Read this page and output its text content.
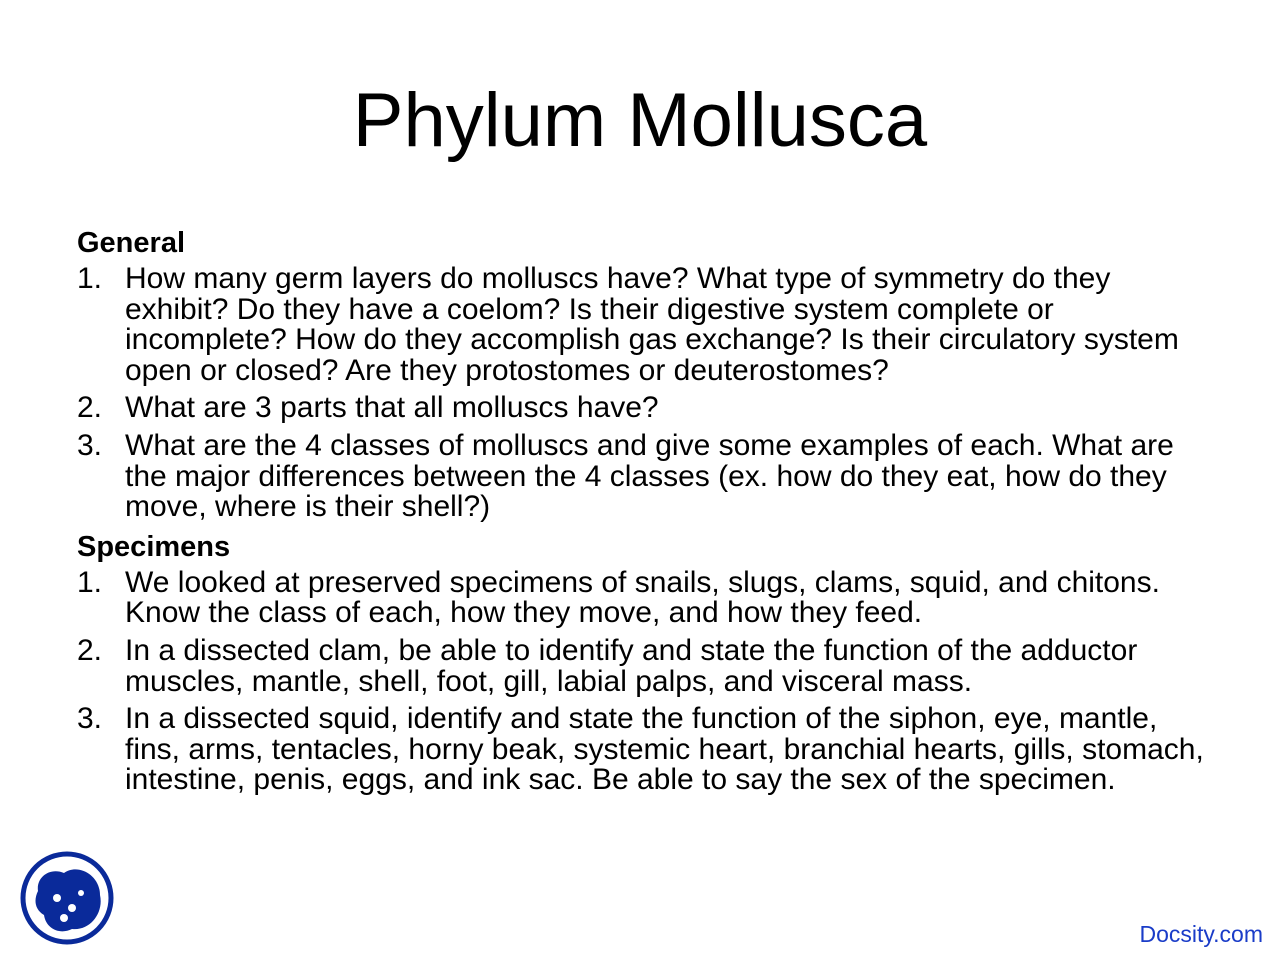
Phylum Mollusca
General
1. How many germ layers do molluscs have? What type of symmetry do they exhibit? Do they have a coelom? Is their digestive system complete or incomplete? How do they accomplish gas exchange? Is their circulatory system open or closed? Are they protostomes or deuterostomes?
2. What are 3 parts that all molluscs have?
3. What are the 4 classes of molluscs and give some examples of each. What are the major differences between the 4 classes (ex. how do they eat, how do they move, where is their shell?)
Specimens
1. We looked at preserved specimens of snails, slugs, clams, squid, and chitons. Know the class of each, how they move, and how they feed.
2. In a dissected clam, be able to identify and state the function of the adductor muscles, mantle, shell, foot, gill, labial palps, and visceral mass.
3. In a dissected squid, identify and state the function of the siphon, eye, mantle, fins, arms, tentacles, horny beak, systemic heart, branchial hearts, gills, stomach, intestine, penis, eggs, and ink sac. Be able to say the sex of the specimen.
Docsity.com
